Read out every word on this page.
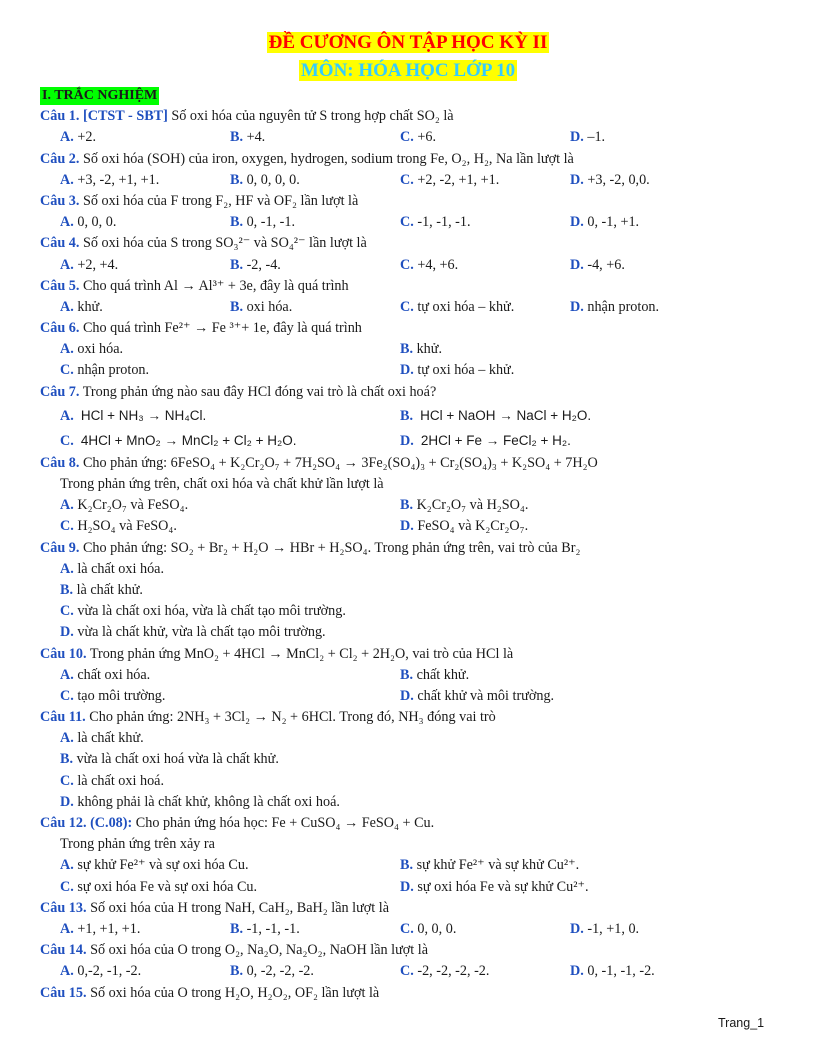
ĐỀ CƯƠNG ÔN TẬP HỌC KỲ II
MÔN: HÓA HỌC LỚP 10
I. TRẮC NGHIỆM
Câu 1. [CTST - SBT] Số oxi hóa của nguyên tử S trong hợp chất SO₂ là
A. +2.	B. +4.	C. +6.	D. –1.
Câu 2. Số oxi hóa (SOH) của iron, oxygen, hydrogen, sodium trong Fe, O₂, H₂, Na lần lượt là
A. +3, -2, +1, +1.	B. 0, 0, 0, 0.	C. +2, -2, +1, +1.	D. +3, -2, 0,0.
Câu 3. Số oxi hóa của F trong F₂, HF và OF₂ lần lượt là
A. 0, 0, 0.	B. 0, -1, -1.	C. -1, -1, -1.	D. 0, -1, +1.
Câu 4. Số oxi hóa của S trong SO₃²⁻ và SO₄²⁻ lần lượt là
A. +2, +4.	B. -2, -4.	C. +4, +6.	D. -4, +6.
Câu 5. Cho quá trình Al → Al³⁺ + 3e, đây là quá trình
A. khử.	B. oxi hóa.	C. tự oxi hóa – khử.	D. nhận proton.
Câu 6. Cho quá trình Fe²⁺ → Fe ³⁺+ 1e, đây là quá trình
A. oxi hóa.	B. khử.
C. nhận proton.	D. tự oxi hóa – khử.
Câu 7. Trong phản ứng nào sau đây HCl đóng vai trò là chất oxi hoá?
A. HCl + NH₃ → NH₄Cl.	B. HCl + NaOH → NaCl + H₂O.
C. 4HCl + MnO₂ → MnCl₂ + Cl₂ + H₂O.	D. 2HCl + Fe → FeCl₂ + H₂.
Câu 8. Cho phản ứng: 6FeSO₄ + K₂Cr₂O₇ + 7H₂SO₄ → 3Fe₂(SO₄)₃ + Cr₂(SO₄)₃ + K₂SO₄ + 7H₂O
Trong phản ứng trên, chất oxi hóa và chất khử lần lượt là
A. K₂Cr₂O₇ và FeSO₄.	B. K₂Cr₂O₇ và H₂SO₄.
C. H₂SO₄ và FeSO₄.	D. FeSO₄ và K₂Cr₂O₇.
Câu 9. Cho phản ứng: SO₂ + Br₂ + H₂O → HBr + H₂SO₄. Trong phản ứng trên, vai trò của Br₂
A. là chất oxi hóa.
B. là chất khử.
C. vừa là chất oxi hóa, vừa là chất tạo môi trường.
D. vừa là chất khử, vừa là chất tạo môi trường.
Câu 10. Trong phản ứng MnO₂ + 4HCl → MnCl₂ + Cl₂ + 2H₂O, vai trò của HCl là
A. chất oxi hóa.	B. chất khử.
C. tạo môi trường.	D. chất khử và môi trường.
Câu 11. Cho phản ứng: 2NH₃ + 3Cl₂ → N₂ + 6HCl. Trong đó, NH₃ đóng vai trò
A. là chất khử.
B. vừa là chất oxi hoá vừa là chất khử.
C. là chất oxi hoá.
D. không phải là chất khử, không là chất oxi hoá.
Câu 12. (C.08): Cho phản ứng hóa học: Fe + CuSO₄ → FeSO₄ + Cu.
Trong phản ứng trên xảy ra
A. sự khử Fe²⁺ và sự oxi hóa Cu.	B. sự khử Fe²⁺ và sự khử Cu²⁺.
C. sự oxi hóa Fe và sự oxi hóa Cu.	D. sự oxi hóa Fe và sự khử Cu²⁺.
Câu 13. Số oxi hóa của H trong NaH, CaH₂, BaH₂ lần lượt là
A. +1, +1, +1.	B. -1, -1, -1.	C. 0, 0, 0.	D. -1, +1, 0.
Câu 14. Số oxi hóa của O trong O₂, Na₂O, Na₂O₂, NaOH lần lượt là
A. 0,-2, -1, -2.	B. 0, -2, -2, -2.	C. -2, -2, -2, -2.	D. 0, -1, -1, -2.
Câu 15. Số oxi hóa của O trong H₂O, H₂O₂, OF₂ lần lượt là
Trang_1
